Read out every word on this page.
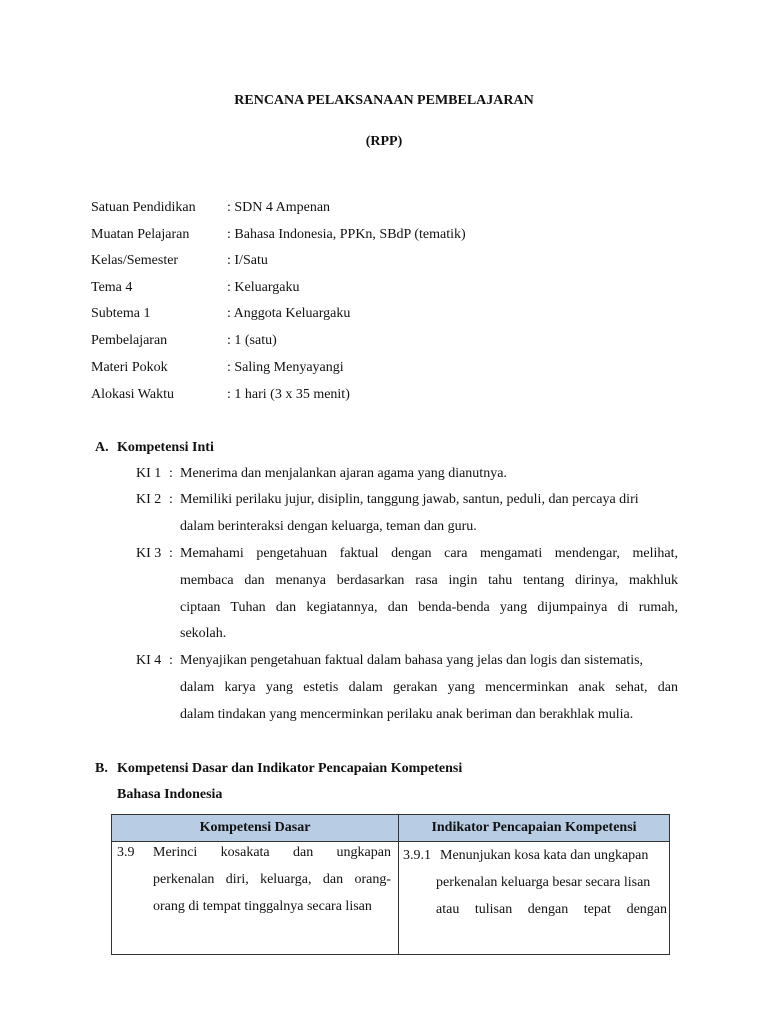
RENCANA PELAKSANAAN PEMBELAJARAN
(RPP)
Satuan Pendidikan : SDN 4 Ampenan
Muatan Pelajaran	: Bahasa Indonesia, PPKn, SBdP (tematik)
Kelas/Semester	: I/Satu
Tema 4	: Keluargaku
Subtema 1	: Anggota Keluargaku
Pembelajaran	: 1 (satu)
Materi Pokok	: Saling Menyayangi
Alokasi Waktu	: 1 hari (3 x 35 menit)
A. Kompetensi Inti
KI 1 : Menerima dan menjalankan ajaran agama yang dianutnya.
KI 2 : Memiliki perilaku jujur, disiplin, tanggung jawab, santun, peduli, dan percaya diri
dalam berinteraksi dengan keluarga, teman dan guru.
KI 3 : Memahami pengetahuan faktual dengan cara mengamati mendengar, melihat,
membaca dan menanya berdasarkan rasa ingin tahu tentang dirinya, makhluk
ciptaan Tuhan dan kegiatannya, dan benda-benda yang dijumpainya di rumah,
sekolah.
KI 4 : Menyajikan pengetahuan faktual dalam bahasa yang jelas dan logis dan sistematis,
dalam karya yang estetis dalam gerakan yang mencerminkan anak sehat, dan
dalam tindakan yang mencerminkan perilaku anak beriman dan berakhlak mulia.
B. Kompetensi Dasar dan Indikator Pencapaian Kompetensi
Bahasa Indonesia
Kompetensi Dasar	Indikator Pencapaian Kompetensi

3.9 Merinci    kosakata    dan    ungkapan
perkenalan diri, keluarga, dan orang-
orang di tempat tinggalnya secara lisan	3.9.1 Menunjukan kosa kata dan ungkapan
perkenalan keluarga besar secara lisan
atau  tulisan  dengan  tepat  dengan
